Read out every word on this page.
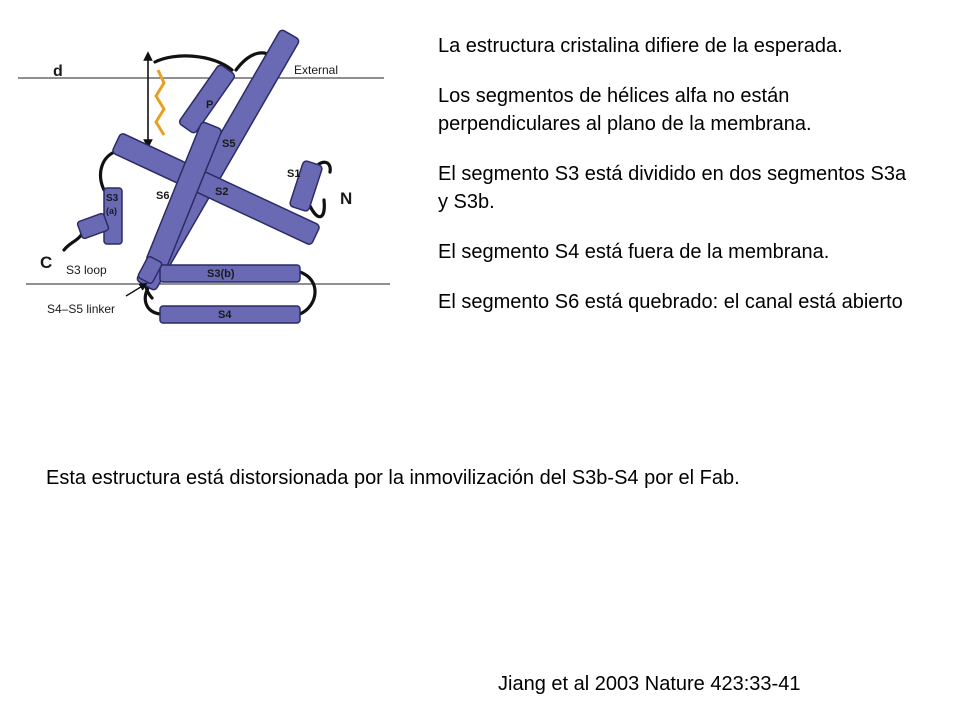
d	External
P
S5
S1
N
S6	S2
S3
(a)
C S3 loop	S3(b)
S4–S5 linker	S4

La estructura cristalina difiere de la esperada.

Los segmentos de hélices alfa no están perpendiculares al plano de la membrana.

El segmento S3 está dividido en dos segmentos S3a y S3b.

El segmento S4 está fuera de la membrana.

El segmento S6 está quebrado: el canal está abierto

Esta estructura está distorsionada por la inmovilización del S3b-S4 por el Fab.

Jiang et al 2003 Nature 423:33-41
